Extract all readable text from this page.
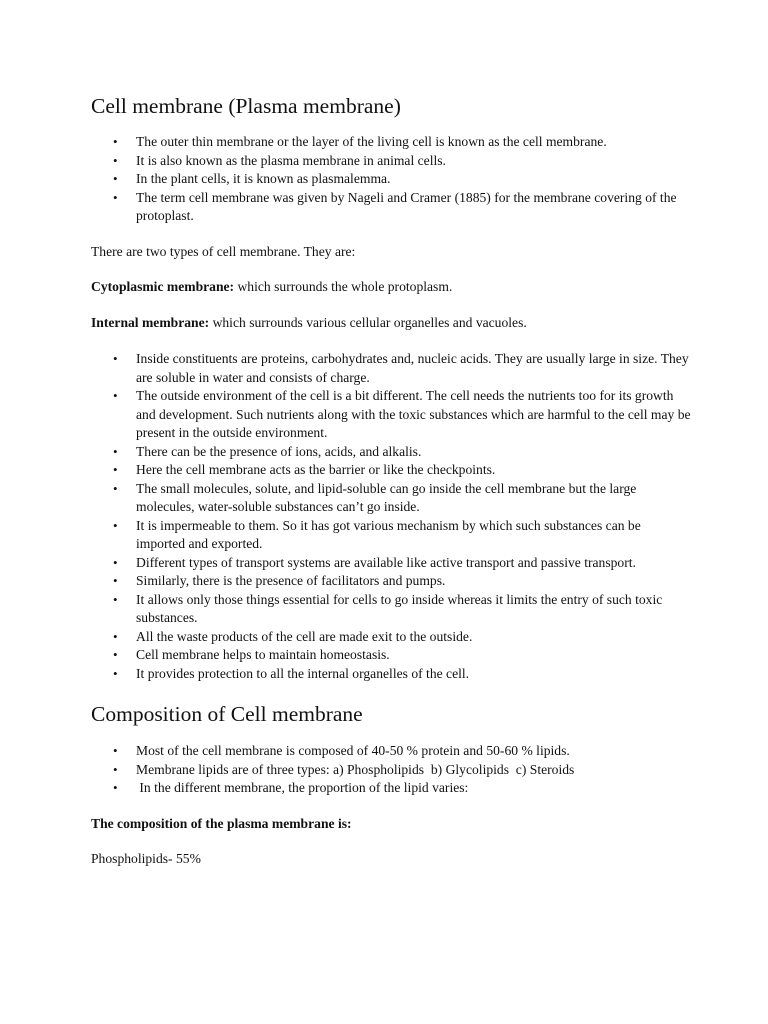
Cell membrane (Plasma membrane)
• The outer thin membrane or the layer of the living cell is known as the cell membrane.
• It is also known as the plasma membrane in animal cells.
• In the plant cells, it is known as plasmalemma.
• The term cell membrane was given by Nageli and Cramer (1885) for the membrane covering of the protoplast.

There are two types of cell membrane. They are:

Cytoplasmic membrane: which surrounds the whole protoplasm.

Internal membrane: which surrounds various cellular organelles and vacuoles.

• Inside constituents are proteins, carbohydrates and, nucleic acids. They are usually large in size. They are soluble in water and consists of charge.
• The outside environment of the cell is a bit different. The cell needs the nutrients too for its growth and development. Such nutrients along with the toxic substances which are harmful to the cell may be present in the outside environment.
• There can be the presence of ions, acids, and alkalis.
• Here the cell membrane acts as the barrier or like the checkpoints.
• The small molecules, solute, and lipid-soluble can go inside the cell membrane but the large molecules, water-soluble substances can’t go inside.
• It is impermeable to them. So it has got various mechanism by which such substances can be imported and exported.
• Different types of transport systems are available like active transport and passive transport.
• Similarly, there is the presence of facilitators and pumps.
• It allows only those things essential for cells to go inside whereas it limits the entry of such toxic substances.
• All the waste products of the cell are made exit to the outside.
• Cell membrane helps to maintain homeostasis.
• It provides protection to all the internal organelles of the cell.
Composition of Cell membrane
• Most of the cell membrane is composed of 40-50 % protein and 50-60 % lipids.
• Membrane lipids are of three types: a) Phospholipids  b) Glycolipids  c) Steroids
•  In the different membrane, the proportion of the lipid varies:

The composition of the plasma membrane is:

Phospholipids- 55%
